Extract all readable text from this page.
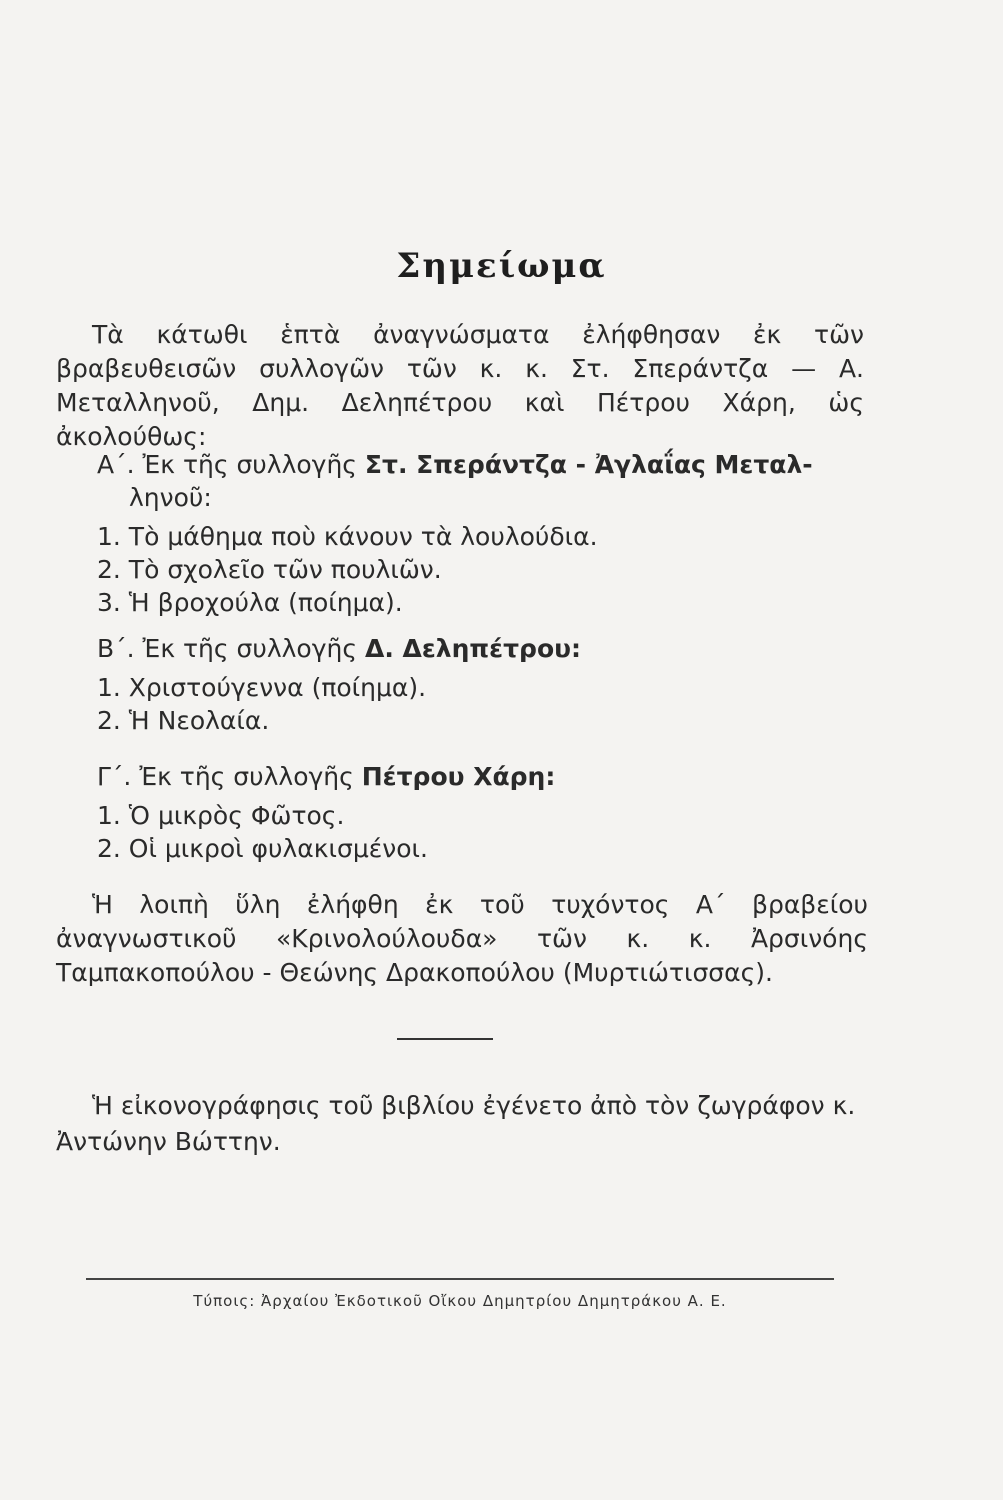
Σημείωμα

Τὰ κάτωθι ἑπτὰ ἀναγνώσματα ἐλήφθησαν ἐκ τῶν βραβευθεισῶν συλλογῶν τῶν κ. κ. Στ. Σπεράντζα — Α. Μεταλληνοῦ, Δημ. Δεληπέτρου καὶ Πέτρου Χάρη, ὡς ἀκολούθως:

Α΄. Ἐκ τῆς συλλογῆς Στ. Σπεράντζα - Ἀγλαΐας Μεταλ-
ληνοῦ:
1. Τὸ μάθημα ποὺ κάνουν τὰ λουλούδια.
2. Τὸ σχολεῖο τῶν πουλιῶν.
3. Ἡ βροχούλα (ποίημα).
Β΄. Ἐκ τῆς συλλογῆς Δ. Δεληπέτρου:
1. Χριστούγεννα (ποίημα).
2. Ἡ Νεολαία.
Γ΄. Ἐκ τῆς συλλογῆς Πέτρου Χάρη:
1. Ὁ μικρὸς Φῶτος.
2. Οἱ μικροὶ φυλακισμένοι.

Ἡ λοιπὴ ὕλη ἐλήφθη ἐκ τοῦ τυχόντος Α΄ βραβείου ἀναγνωστικοῦ «Κρινολούλουδα» τῶν κ. κ. Ἀρσινόης Ταμπακοπούλου - Θεώνης Δρακοπούλου (Μυρτιώτισσας).

Ἡ εἰκονογράφησις τοῦ βιβλίου ἐγένετο ἀπὸ τὸν ζωγράφον κ. Ἀντώνην Βώττην.

Τύποις: Ἀρχαίου Ἐκδοτικοῦ Οἴκου Δημητρίου Δημητράκου Α. Ε.
